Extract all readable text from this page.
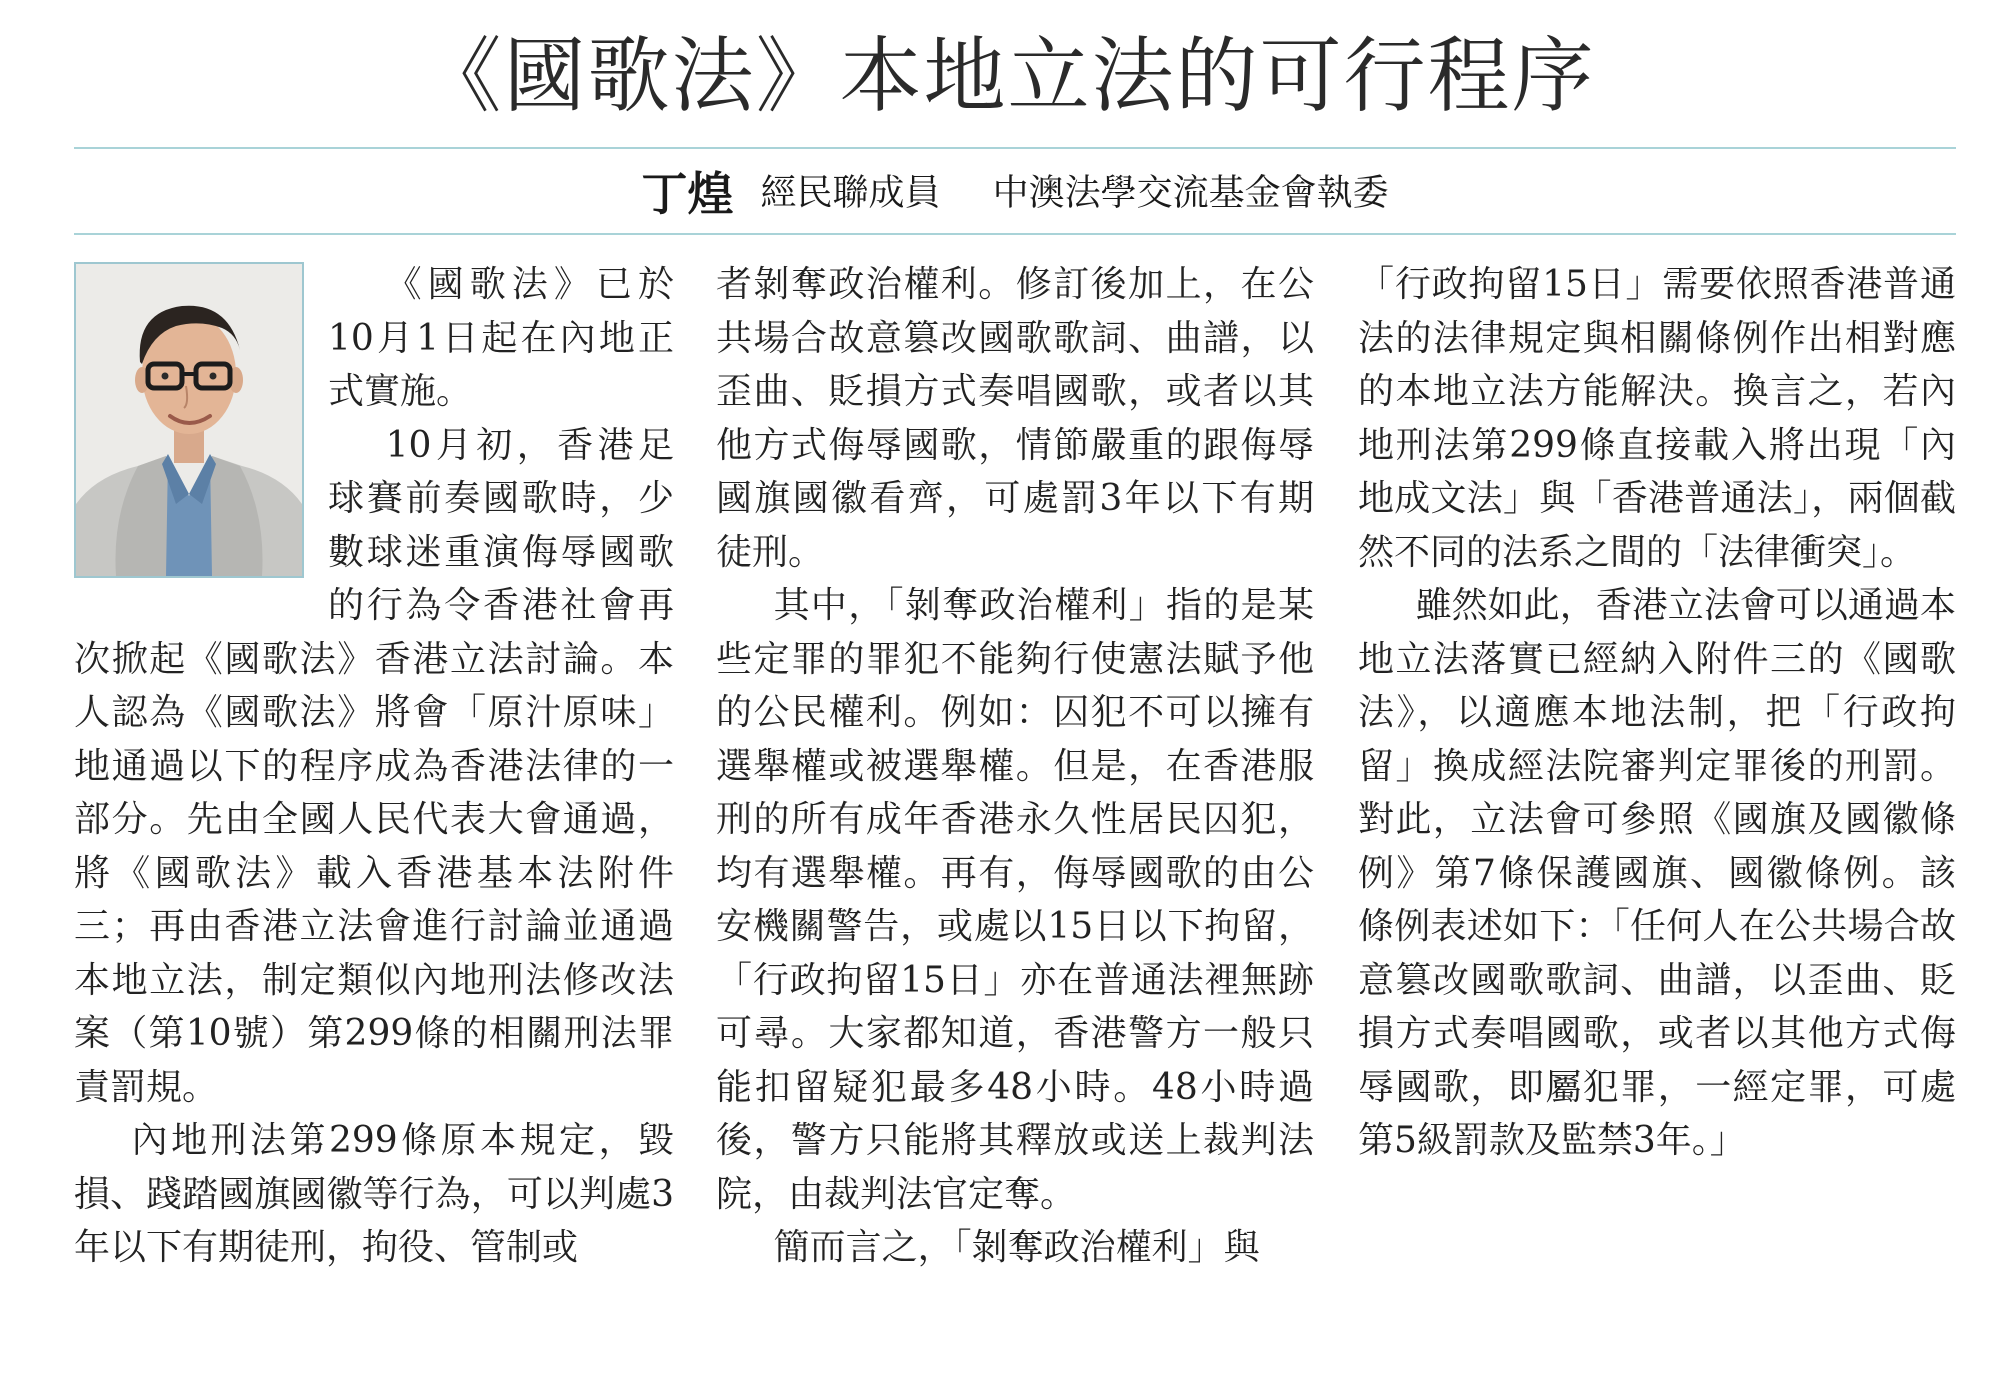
《國歌法》本地立法的可行程序
丁煌 經民聯成員 中澳法學交流基金會執委

《國歌法》已於10月1日起在內地正式實施。

10月初，香港足球賽前奏國歌時，少數球迷重演侮辱國歌的行為令香港社會再次掀起《國歌法》香港立法討論。本人認為《國歌法》將會「原汁原味」地通過以下的程序成為香港法律的一部分。先由全國人民代表大會通過，將《國歌法》載入香港基本法附件三；再由香港立法會進行討論並通過本地立法，制定類似內地刑法修改法案（第10號）第299條的相關刑法罪責罰規。

內地刑法第299條原本規定，毀損、踐踏國旗國徽等行為，可以判處3年以下有期徒刑，拘役、管制或

者剝奪政治權利。修訂後加上，在公共場合故意篡改國歌歌詞、曲譜，以歪曲、貶損方式奏唱國歌，或者以其他方式侮辱國歌，情節嚴重的跟侮辱國旗國徽看齊，可處罰3年以下有期徒刑。

其中，「剝奪政治權利」指的是某些定罪的罪犯不能夠行使憲法賦予他的公民權利。例如：囚犯不可以擁有選舉權或被選舉權。但是，在香港服刑的所有成年香港永久性居民囚犯，均有選舉權。再有，侮辱國歌的由公安機關警告，或處以15日以下拘留，「行政拘留15日」亦在普通法裡無跡可尋。大家都知道，香港警方一般只能扣留疑犯最多48小時。48小時過後，警方只能將其釋放或送上裁判法院，由裁判法官定奪。

簡而言之，「剝奪政治權利」與

「行政拘留15日」需要依照香港普通法的法律規定與相關條例作出相對應的本地立法方能解決。換言之，若內地刑法第299條直接載入將出現「內地成文法」與「香港普通法」，兩個截然不同的法系之間的「法律衝突」。

雖然如此，香港立法會可以通過本地立法落實已經納入附件三的《國歌法》，以適應本地法制，把「行政拘留」換成經法院審判定罪後的刑罰。對此，立法會可參照《國旗及國徽條例》第7條保護國旗、國徽條例。該條例表述如下：「任何人在公共場合故意篡改國歌歌詞、曲譜，以歪曲、貶損方式奏唱國歌，或者以其他方式侮辱國歌，即屬犯罪，一經定罪，可處第5級罰款及監禁3年。」
